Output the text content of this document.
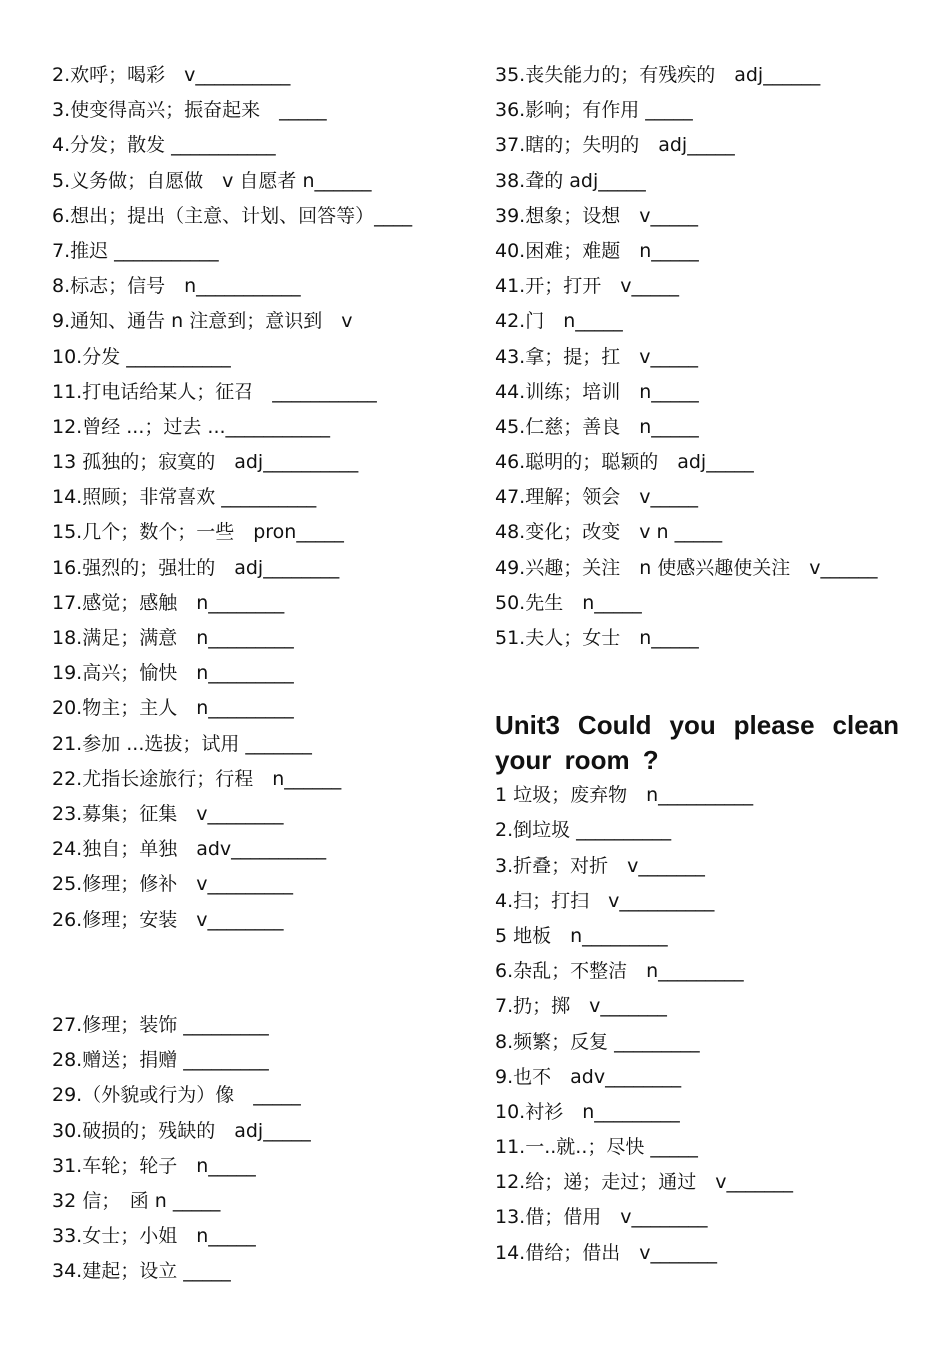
2.欢呼；喝彩　v__________
3.使变得高兴；振奋起来　_____
4.分发；散发 ___________
5.义务做；自愿做　v 自愿者 n______
6.想出；提出（主意、计划、回答等）____
7.推迟 ___________
8.标志；信号　n___________
9.通知、通告 n 注意到；意识到　v
10.分发 ___________
11.打电话给某人；征召　___________
12.曾经 ...；过去 ...___________
13 孤独的；寂寞的　adj__________
14.照顾；非常喜欢 __________
15.几个；数个；一些　pron_____
16.强烈的；强壮的　adj________
17.感觉；感触　n________
18.满足；满意　n_________
19.高兴；愉快　n_________
20.物主；主人　n_________
21.参加 ...选拔；试用 _______
22.尤指长途旅行；行程　n______
23.募集；征集　v________
24.独自；单独　adv__________
25.修理；修补　v_________
26.修理；安装　v________
27.修理；装饰 _________
28.赠送；捐赠 _________
29.（外貌或行为）像　_____
30.破损的；残缺的　adj_____
31.车轮；轮子　n_____
32 信；　函 n _____
33.女士；小姐　n_____
34.建起；设立 _____
35.丧失能力的；有残疾的　adj______
36.影响；有作用 _____
37.瞎的；失明的　adj_____
38.聋的 adj_____
39.想象；设想　v_____
40.困难；难题　n_____
41.开；打开　v_____
42.门　n_____
43.拿；提；扛　v_____
44.训练；培训　n_____
45.仁慈；善良　n_____
46.聪明的；聪颖的　adj_____
47.理解；领会　v_____
48.变化；改变　v n _____
49.兴趣；关注　n 使感兴趣使关注　v______
50.先生　n_____
51.夫人；女士　n_____
Unit3 Could you please clean your room ?
1 垃圾；废弃物　n__________
2.倒垃圾 __________
3.折叠；对折　v_______
4.扫；打扫　v__________
5 地板　n_________
6.杂乱；不整洁　n_________
7.扔；掷　v_______
8.频繁；反复 _________
9.也不　adv________
10.衬衫　n_________
11.一..就..；尽快 _____
12.给；递；走过；通过　v_______
13.借；借用　v________
14.借给；借出　v_______
